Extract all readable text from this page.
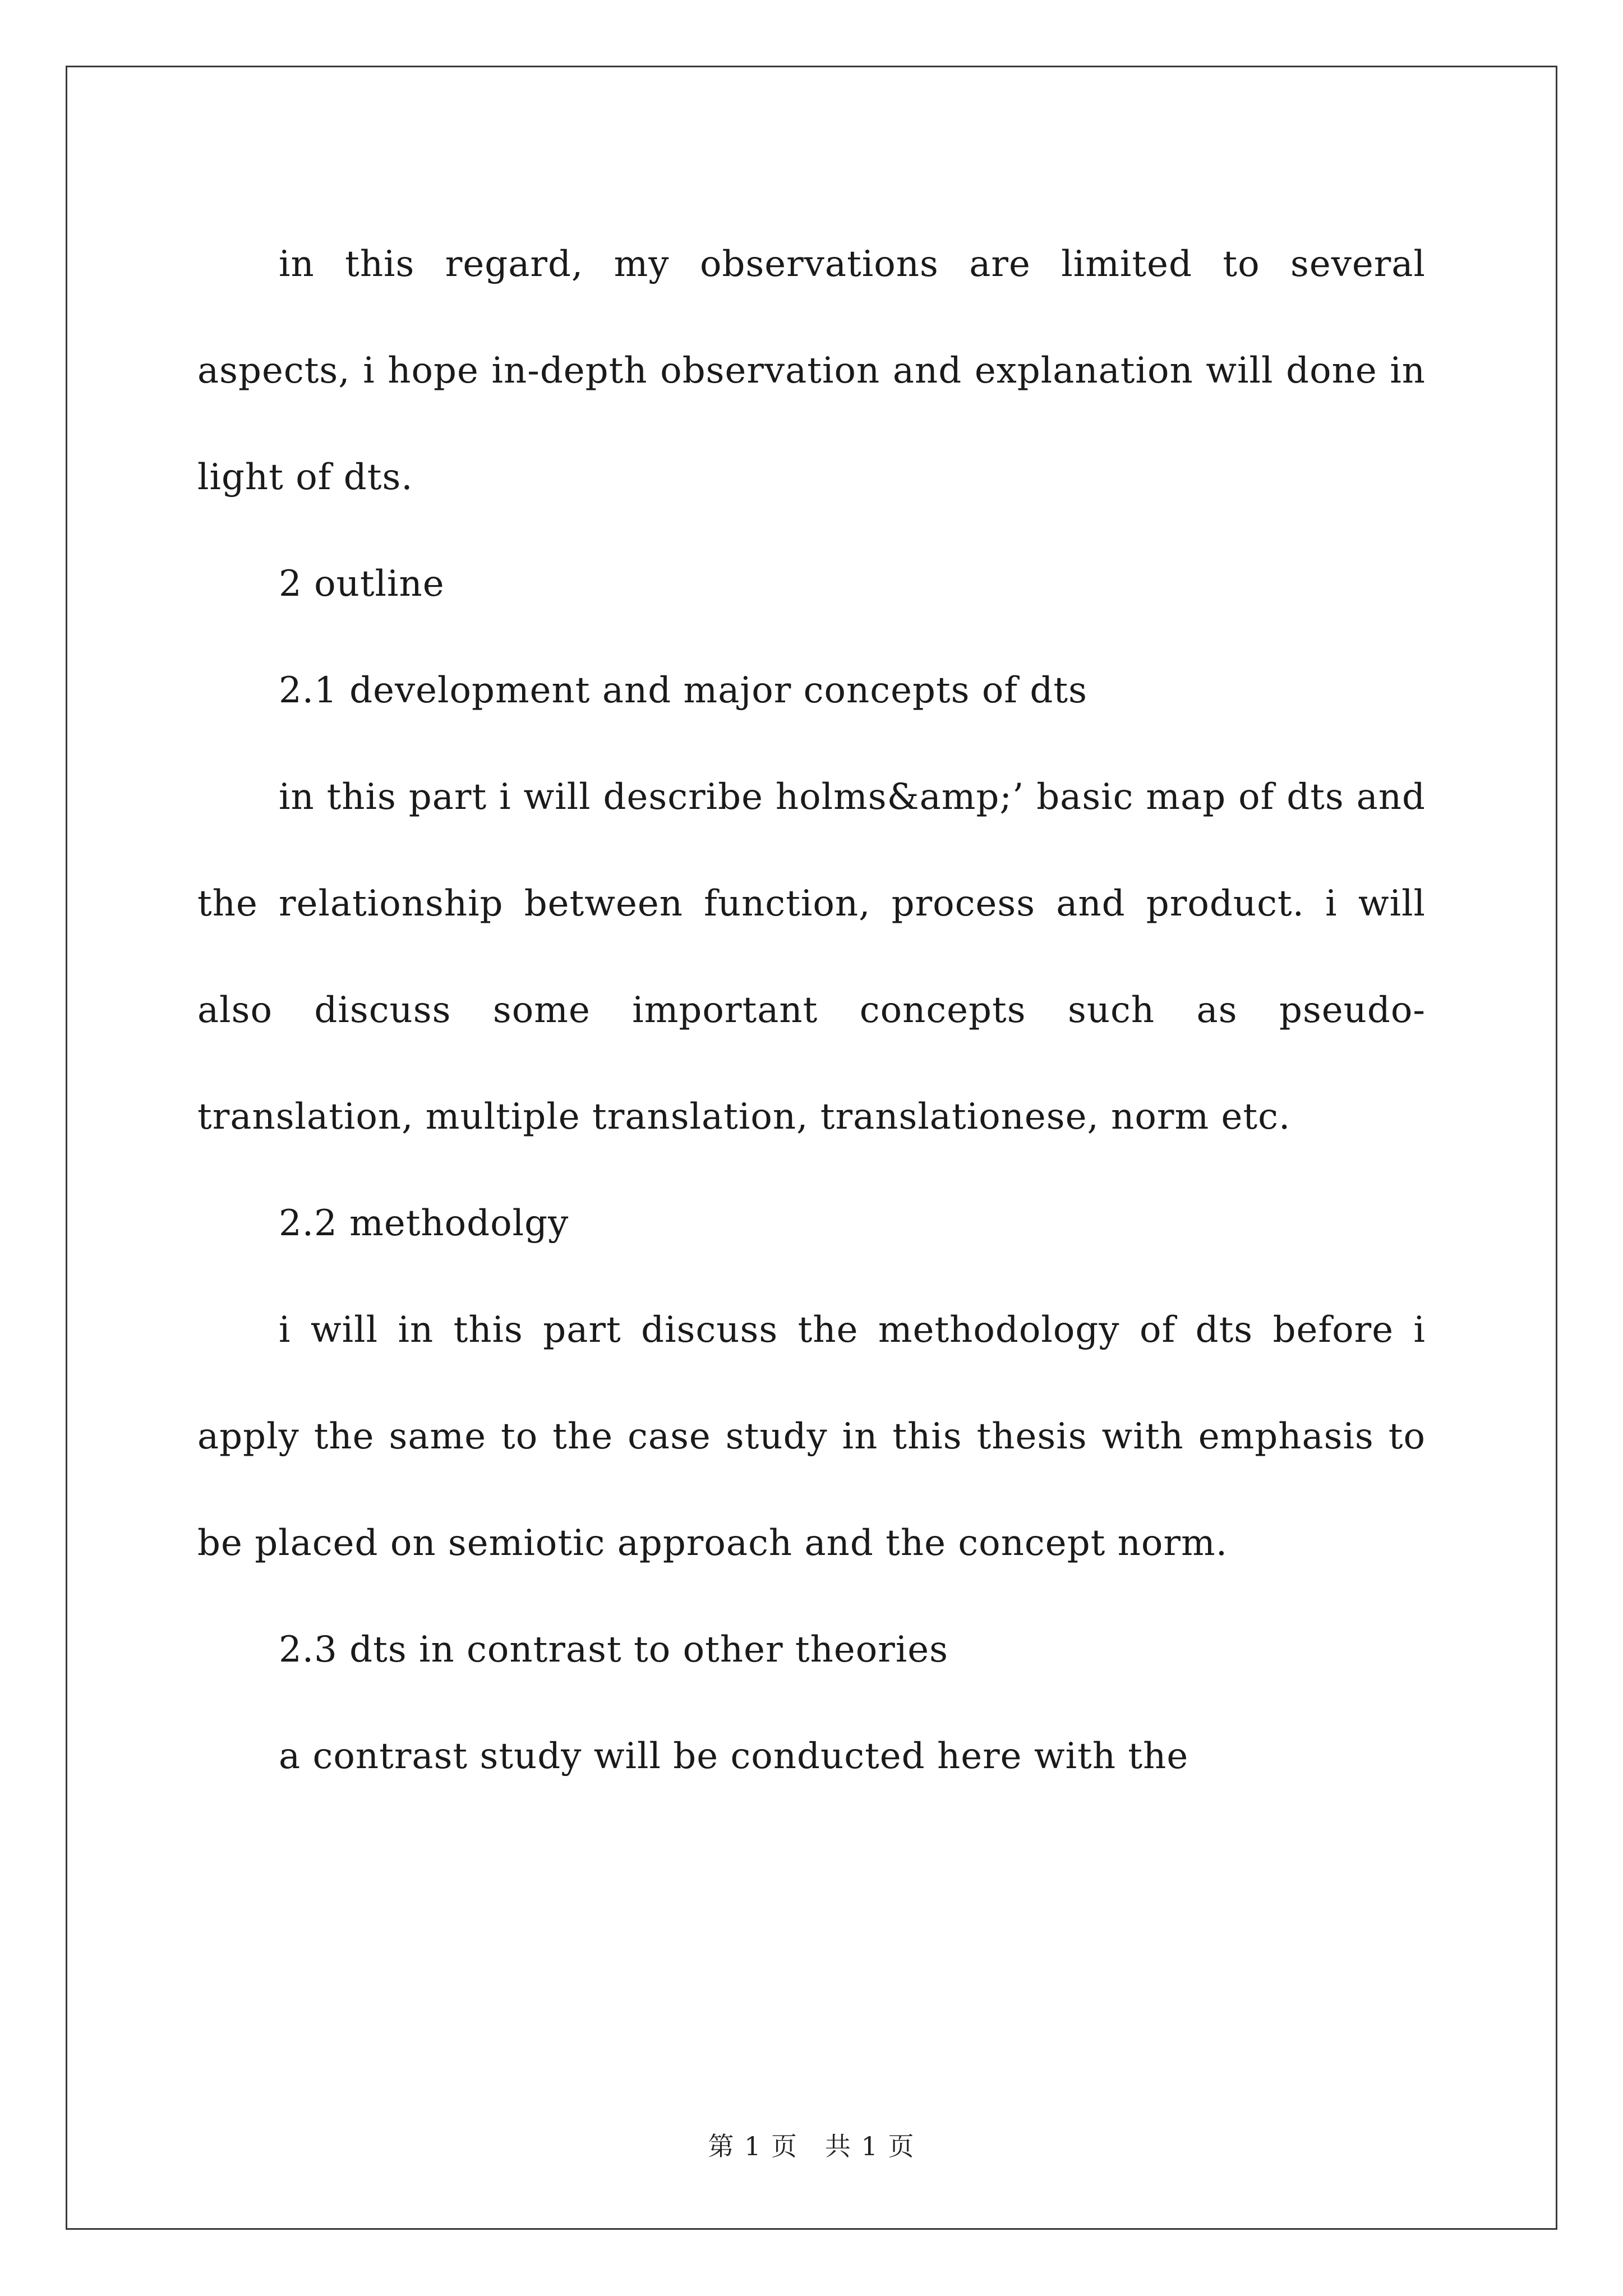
in this regard, my observations are limited to several aspects, i hope in-depth observation and explanation will done in light of dts.

2 outline

2.1 development and major concepts of dts

in this part i will describe holms&amp;’ basic map of dts and the relationship between function, process and product. i will also discuss some important concepts such as pseudo-translation, multiple translation, translationese, norm etc.

2.2 methodolgy

i will in this part discuss the methodology of dts before i apply the same to the case study in this thesis with emphasis to be placed on semiotic approach and the concept norm.

2.3 dts in contrast to other theories

a contrast study will be conducted here with the

第 1 页　共 1 页
